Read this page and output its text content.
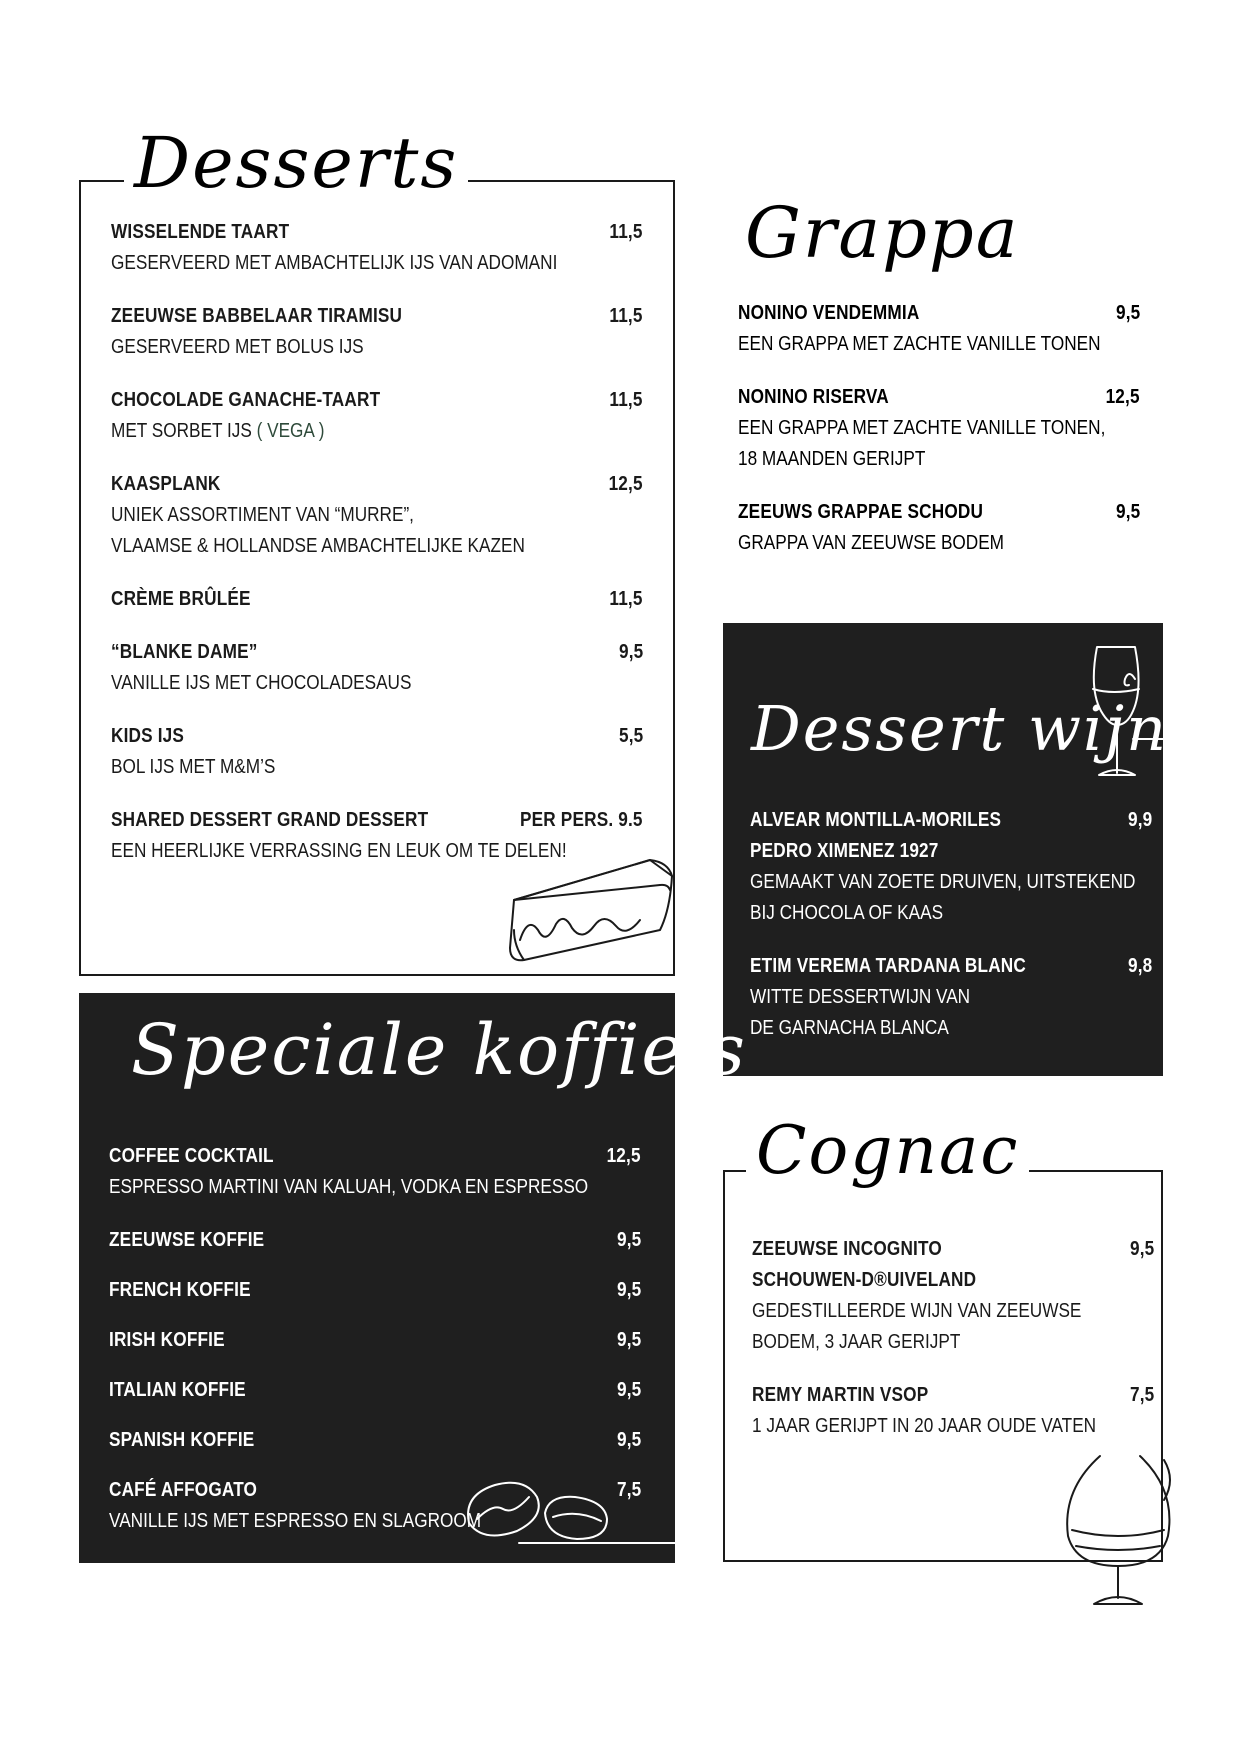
WISSELENDE TAART	11,5
GESERVEERD MET AMBACHTELIJK IJS VAN ADOMANI
ZEEUWSE BABBELAAR TIRAMISU	11,5
GESERVEERD MET BOLUS IJS
CHOCOLADE GANACHE-TAART	11,5
MET SORBET IJS ( VEGA )
KAASPLANK	12,5
UNIEK ASSORTIMENT VAN “MURRE”,
VLAAMSE & HOLLANDSE AMBACHTELIJKE KAZEN
CRÈME BRÛLÉE	11,5
“BLANKE DAME”	9,5
VANILLE IJS MET CHOCOLADESAUS
KIDS IJS	5,5
BOL IJS MET M&M’S
SHARED DESSERT GRAND DESSERT	PER PERS. 9.5
EEN HEERLIJKE VERRASSING EN LEUK OM TE DELEN!
Desserts
Grappa
NONINO VENDEMMIA	9,5
EEN GRAPPA MET ZACHTE VANILLE TONEN
NONINO RISERVA	12,5
EEN GRAPPA MET ZACHTE VANILLE TONEN,
18 MAANDEN GERIJPT
ZEEUWS GRAPPAE SCHODU	9,5
GRAPPA VAN ZEEUWSE BODEM
Dessert wijn
ALVEAR MONTILLA-MORILES	9,9
PEDRO XIMENEZ 1927
GEMAAKT VAN ZOETE DRUIVEN, UITSTEKEND
BIJ CHOCOLA OF KAAS
ETIM VEREMA TARDANA BLANC	9,8
WITTE DESSERTWIJN VAN
DE GARNACHA BLANCA
Speciale koffie’s
COFFEE COCKTAIL	12,5
ESPRESSO MARTINI VAN KALUAH, VODKA EN ESPRESSO
ZEEUWSE KOFFIE	9,5
FRENCH KOFFIE	9,5
IRISH KOFFIE	9,5
ITALIAN KOFFIE	9,5
SPANISH KOFFIE	9,5
CAFÉ AFFOGATO	7,5
VANILLE IJS MET ESPRESSO EN SLAGROOM
ZEEUWSE INCOGNITO	9,5
SCHOUWEN-D®UIVELAND
GEDESTILLEERDE WIJN VAN ZEEUWSE
BODEM, 3 JAAR GERIJPT
REMY MARTIN VSOP	7,5
1 JAAR GERIJPT IN 20 JAAR OUDE VATEN
Cognac
